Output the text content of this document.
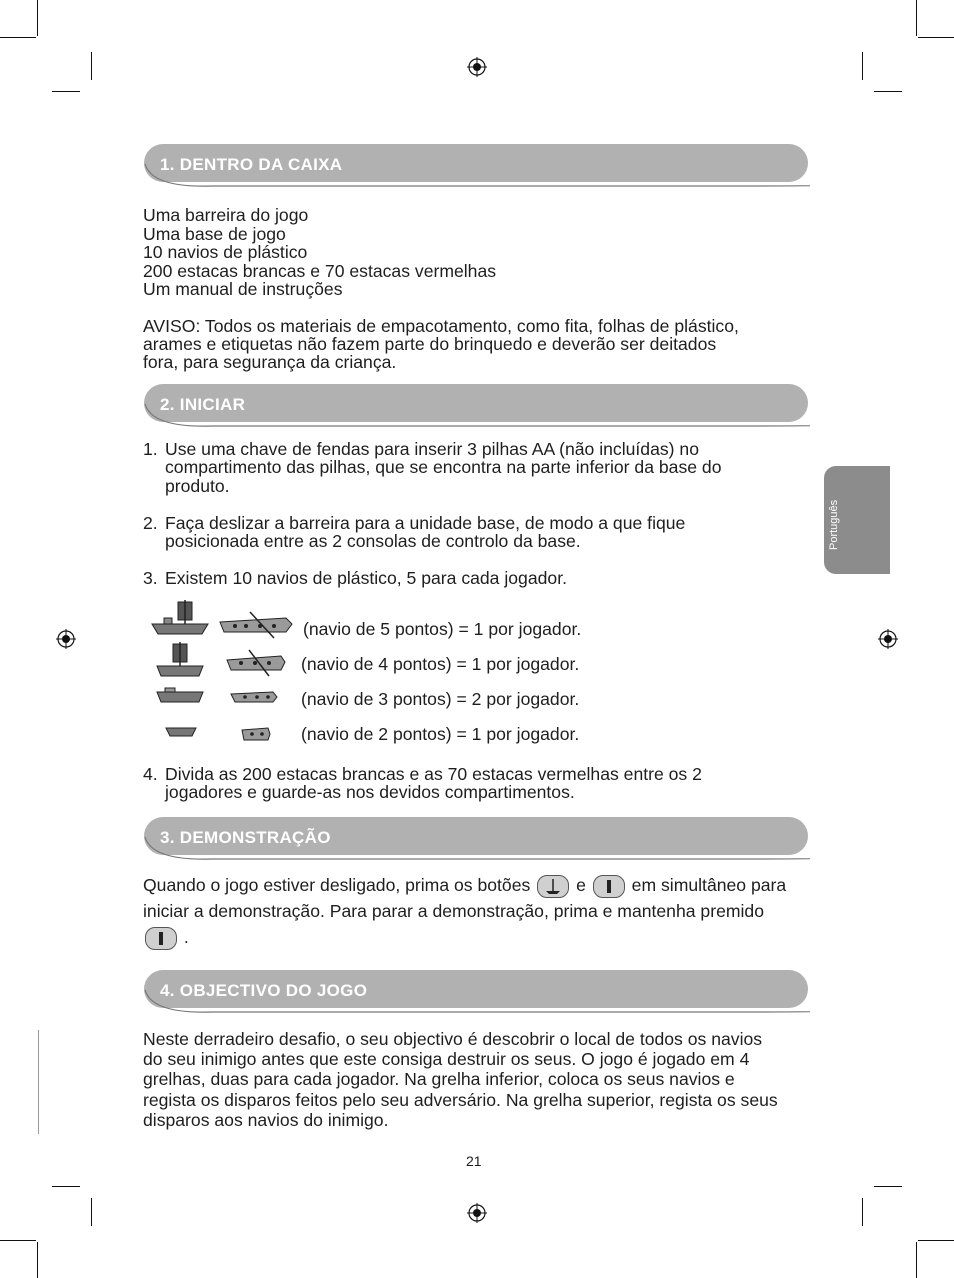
Português
1. DENTRO DA CAIXA
Uma barreira do jogo
Uma base de jogo
10 navios de plástico
200 estacas brancas e 70 estacas vermelhas
Um manual de instruções
AVISO: Todos os materiais de empacotamento, como fita, folhas de plástico,
arames e etiquetas não fazem parte do brinquedo e deverão ser deitados
fora, para segurança da criança.
2. INICIAR
1. Use uma chave de fendas para inserir 3 pilhas AA (não incluídas) no
compartimento das pilhas, que se encontra na parte inferior da base do
produto.
2. Faça deslizar a barreira para a unidade base, de modo a que fique
posicionada entre as 2 consolas de controlo da base.
3. Existem 10 navios de plástico, 5 para cada jogador.
(navio de 5 pontos) = 1 por jogador.
(navio de 4 pontos) = 1 por jogador.
(navio de 3 pontos) = 2 por jogador.
(navio de 2 pontos) = 1 por jogador.
4. Divida as 200 estacas brancas e as 70 estacas vermelhas entre os 2
jogadores e guarde-as nos devidos compartimentos.
3. DEMONSTRAÇÃO
Quando o jogo estiver desligado, prima os botões	e	em simultâneo para iniciar a demonstração. Para parar a demonstração, prima e mantenha premido

.
4. OBJECTIVO DO JOGO
Neste derradeiro desafio, o seu objectivo é descobrir o local de todos os navios
do seu inimigo antes que este consiga destruir os seus. O jogo é jogado em 4
grelhas, duas para cada jogador. Na grelha inferior, coloca os seus navios e
regista os disparos feitos pelo seu adversário. Na grelha superior, regista os seus
disparos aos navios do inimigo.
21
